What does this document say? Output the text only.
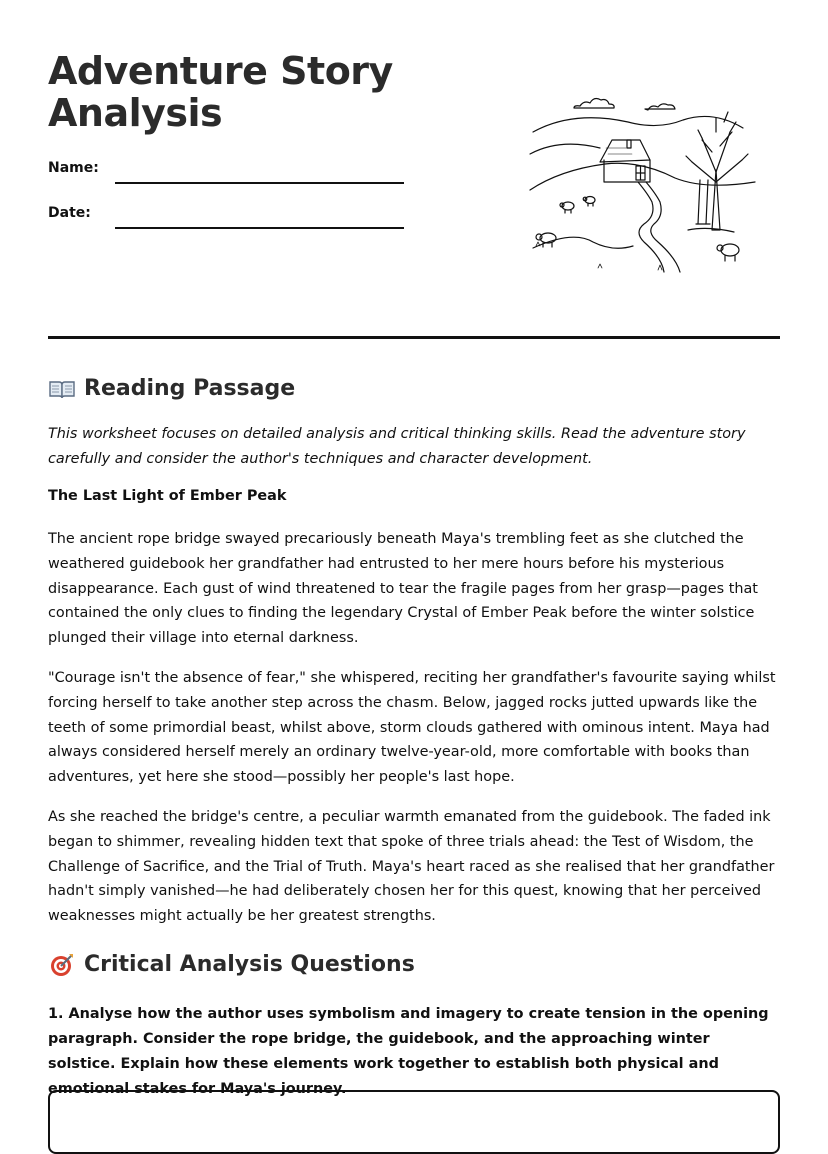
Adventure Story Analysis
Name:
Date:
Reading Passage

This worksheet focuses on detailed analysis and critical thinking skills. Read the adventure story carefully and consider the author's techniques and character development.

The Last Light of Ember Peak

The ancient rope bridge swayed precariously beneath Maya's trembling feet as she clutched the weathered guidebook her grandfather had entrusted to her mere hours before his mysterious disappearance. Each gust of wind threatened to tear the fragile pages from her grasp—pages that contained the only clues to finding the legendary Crystal of Ember Peak before the winter solstice plunged their village into eternal darkness.

"Courage isn't the absence of fear," she whispered, reciting her grandfather's favourite saying whilst forcing herself to take another step across the chasm. Below, jagged rocks jutted upwards like the teeth of some primordial beast, whilst above, storm clouds gathered with ominous intent. Maya had always considered herself merely an ordinary twelve-year-old, more comfortable with books than adventures, yet here she stood—possibly her people's last hope.

As she reached the bridge's centre, a peculiar warmth emanated from the guidebook. The faded ink began to shimmer, revealing hidden text that spoke of three trials ahead: the Test of Wisdom, the Challenge of Sacrifice, and the Trial of Truth. Maya's heart raced as she realised that her grandfather hadn't simply vanished—he had deliberately chosen her for this quest, knowing that her perceived weaknesses might actually be her greatest strengths.

Critical Analysis Questions

1. Analyse how the author uses symbolism and imagery to create tension in the opening paragraph. Consider the rope bridge, the guidebook, and the approaching winter solstice. Explain how these elements work together to establish both physical and emotional stakes for Maya's journey.
